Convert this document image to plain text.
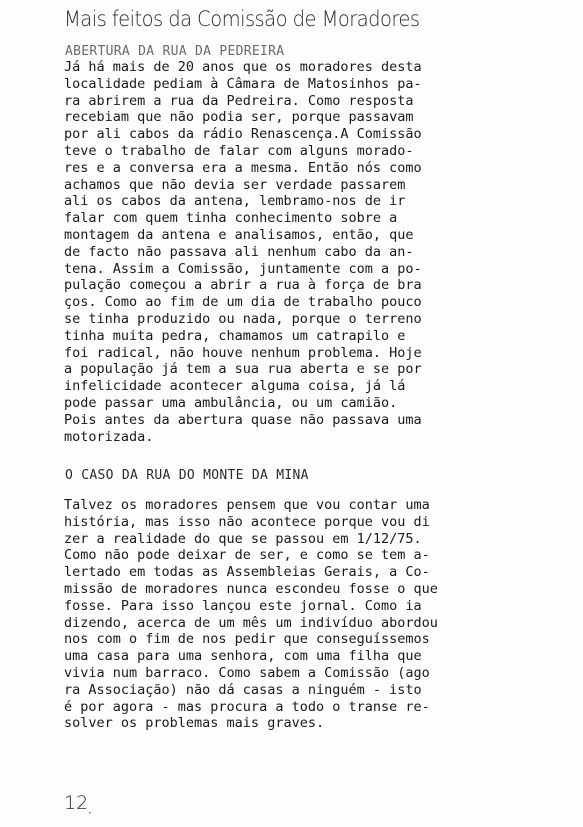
Mais feitos da Comissão de Moradores
ABERTURA DA RUA DA PEDREIRA
Já há mais de 20 anos que os moradores desta
localidade pediam à Câmara de Matosinhos pa-
ra abrirem a rua da Pedreira. Como resposta
recebiam que não podia ser, porque passavam
por ali cabos da rádio Renascença.A Comissão
teve o trabalho de falar com alguns morado-
res e a conversa era a mesma. Então nós como
achamos que não devia ser verdade passarem
ali os cabos da antena, lembramo-nos de ir
falar com quem tinha conhecimento sobre a
montagem da antena e analisamos, então, que
de facto não passava ali nenhum cabo da an-
tena. Assim a Comissão, juntamente com a po-
pulação começou a abrir a rua à força de bra
ços. Como ao fim de um dia de trabalho pouco
se tinha produzido ou nada, porque o terreno
tinha muita pedra, chamamos um catrapilo e
foi radical, não houve nenhum problema. Hoje
a população já tem a sua rua aberta e se por
infelicidade acontecer alguma coisa, já lá
pode passar uma ambulância, ou um camião.
Pois antes da abertura quase não passava uma
motorizada.
O CASO DA RUA DO MONTE DA MINA
Talvez os moradores pensem que vou contar uma
história, mas isso não acontece porque vou di
zer a realidade do que se passou em 1/12/75.
Como não pode deixar de ser, e como se tem a-
lertado em todas as Assembleias Gerais, a Co-
missão de moradores nunca escondeu fosse o que
fosse. Para isso lançou este jornal. Como ia
dizendo, acerca de um mês um indivíduo abordou
nos com o fim de nos pedir que conseguíssemos
uma casa para uma senhora, com uma filha que
vivia num barraco. Como sabem a Comissão (ago
ra Associação) não dá casas a ninguém - isto
é por agora - mas procura a todo o transe re-
solver os problemas mais graves.
12 ·
